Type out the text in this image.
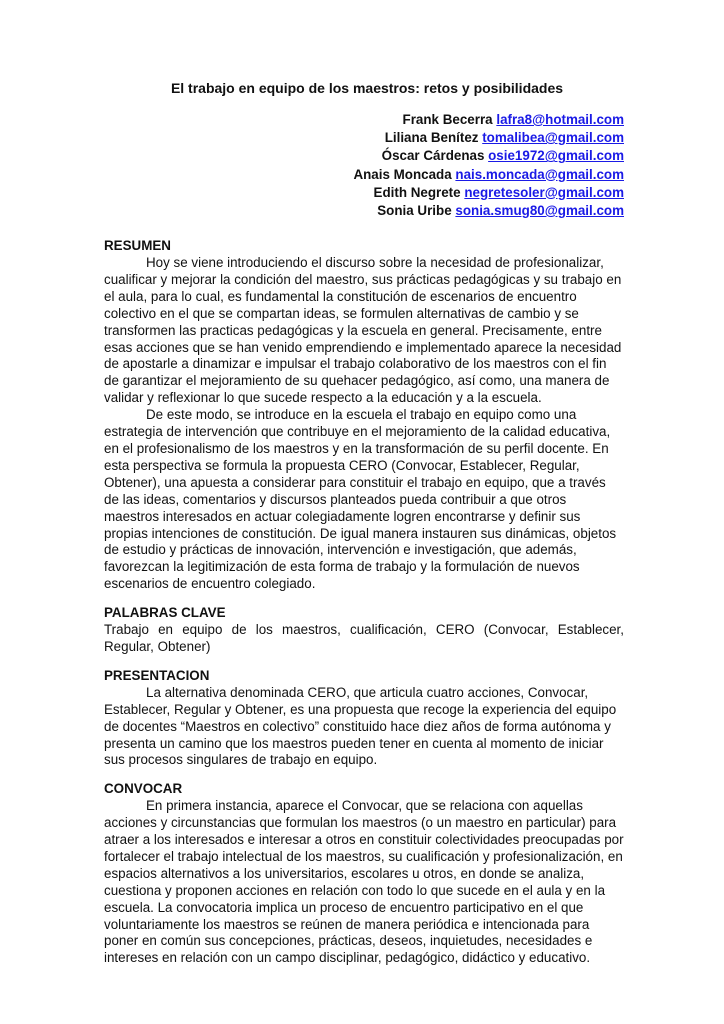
El trabajo en equipo de los maestros: retos y posibilidades
Frank Becerra lafra8@hotmail.com
Liliana Benítez tomalibea@gmail.com
Óscar Cárdenas osie1972@gmail.com
Anais Moncada nais.moncada@gmail.com
Edith Negrete negretesoler@gmail.com
Sonia Uribe sonia.smug80@gmail.com
RESUMEN

Hoy se viene introduciendo el discurso sobre la necesidad de profesionalizar, cualificar y mejorar la condición del maestro, sus prácticas pedagógicas y su trabajo en el aula, para lo cual, es fundamental la constitución de escenarios de encuentro colectivo en el que se compartan ideas, se formulen alternativas de cambio y se transformen las practicas pedagógicas y la escuela en general. Precisamente, entre esas acciones que se han venido emprendiendo e implementado aparece la necesidad de apostarle a dinamizar e impulsar el trabajo colaborativo de los maestros con el fin de garantizar el mejoramiento de su quehacer pedagógico, así como, una manera de validar y reflexionar lo que sucede respecto a la educación y a la escuela.

De este modo, se introduce en la escuela el trabajo en equipo como una estrategia de intervención que contribuye en el mejoramiento de la calidad educativa, en el profesionalismo de los maestros y en la transformación de su perfil docente. En esta perspectiva se formula la propuesta CERO (Convocar, Establecer, Regular, Obtener), una apuesta a considerar para constituir el trabajo en equipo, que a través de las ideas, comentarios y discursos planteados pueda contribuir a que otros maestros interesados en actuar colegiadamente logren encontrarse y definir sus propias intenciones de constitución. De igual manera instauren sus dinámicas, objetos de estudio y prácticas de innovación, intervención e investigación, que además, favorezcan la legitimización de esta forma de trabajo y la formulación de nuevos escenarios de encuentro colegiado.

PALABRAS CLAVE

Trabajo en equipo de los maestros, cualificación, CERO (Convocar, Establecer, Regular, Obtener)

PRESENTACION

La alternativa denominada CERO, que articula cuatro acciones, Convocar, Establecer, Regular y Obtener, es una propuesta que recoge la experiencia del equipo de docentes “Maestros en colectivo” constituido hace diez años de forma autónoma y presenta un camino que los maestros pueden tener en cuenta al momento de iniciar sus procesos singulares de trabajo en equipo.

CONVOCAR

En primera instancia, aparece el Convocar, que se relaciona con aquellas acciones y circunstancias que formulan los maestros (o un maestro en particular) para atraer a los interesados e interesar a otros en constituir colectividades preocupadas por fortalecer el trabajo intelectual de los maestros, su cualificación y profesionalización, en espacios alternativos a los universitarios, escolares u otros, en donde se analiza, cuestiona y proponen acciones en relación con todo lo que sucede en el aula y en la escuela. La convocatoria implica un proceso de encuentro participativo en el que voluntariamente los maestros se reúnen de manera periódica e intencionada para poner en común sus concepciones, prácticas, deseos, inquietudes, necesidades e intereses en relación con un campo disciplinar, pedagógico, didáctico y educativo.
